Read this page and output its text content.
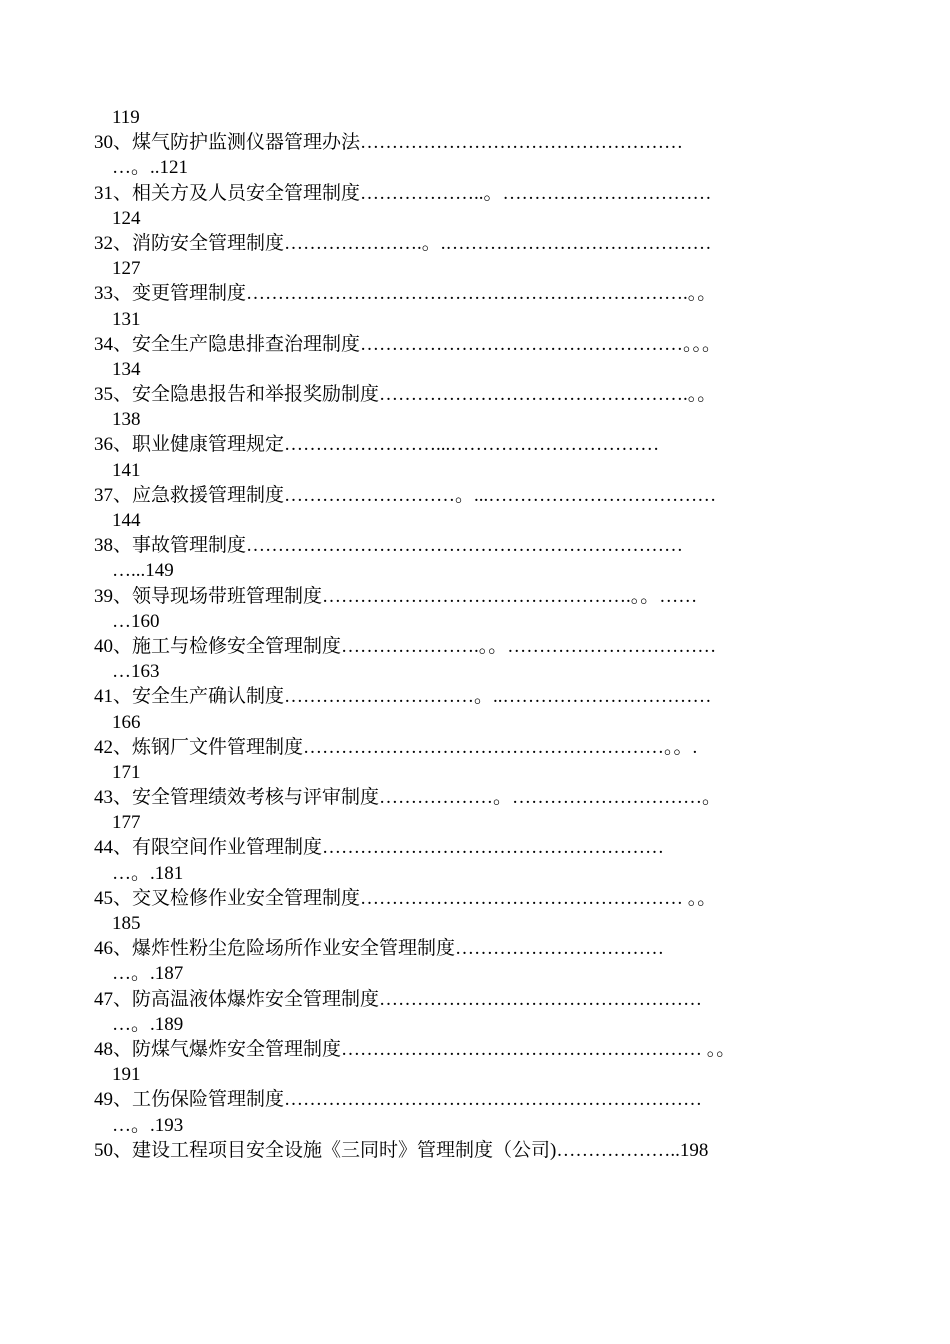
119
30、煤气防护监测仪器管理办法……………………………………………
…。..121
31、相关方及人员安全管理制度………………..。……………………………
124
32、消防安全管理制度………………….。.……………………………………
127
33、变更管理制度…………………………………………………………….。。
131
34、安全生产隐患排查治理制度……………………………………………。。。
134
35、安全隐患报告和举报奖励制度………………………………………….。。
138
36、职业健康管理规定……………………...……………………………
141
37、应急救援管理制度………………………。...………………………………
144
38、事故管理制度……………………………………………………………
…...149
39、领导现场带班管理制度………………………………………….。。……
…160
40、施工与检修安全管理制度………………….。。……………………………
…163
41、安全生产确认制度…………………………。..……………………………
166
42、炼钢厂文件管理制度…………………………………………………。。.
171
43、安全管理绩效考核与评审制度………………。…………………………。
177
44、有限空间作业管理制度………………………………………………
…。.181
45、交叉检修作业安全管理制度…………………………………………… 。。
185
46、爆炸性粉尘危险场所作业安全管理制度……………………………
…。.187
47、防高温液体爆炸安全管理制度……………………………………………
…。.189
48、防煤气爆炸安全管理制度………………………………………………… 。。
191
49、工伤保险管理制度…………………………………………………………
…。.193
50、建设工程项目安全设施《三同时》管理制度（公司)………………..198
